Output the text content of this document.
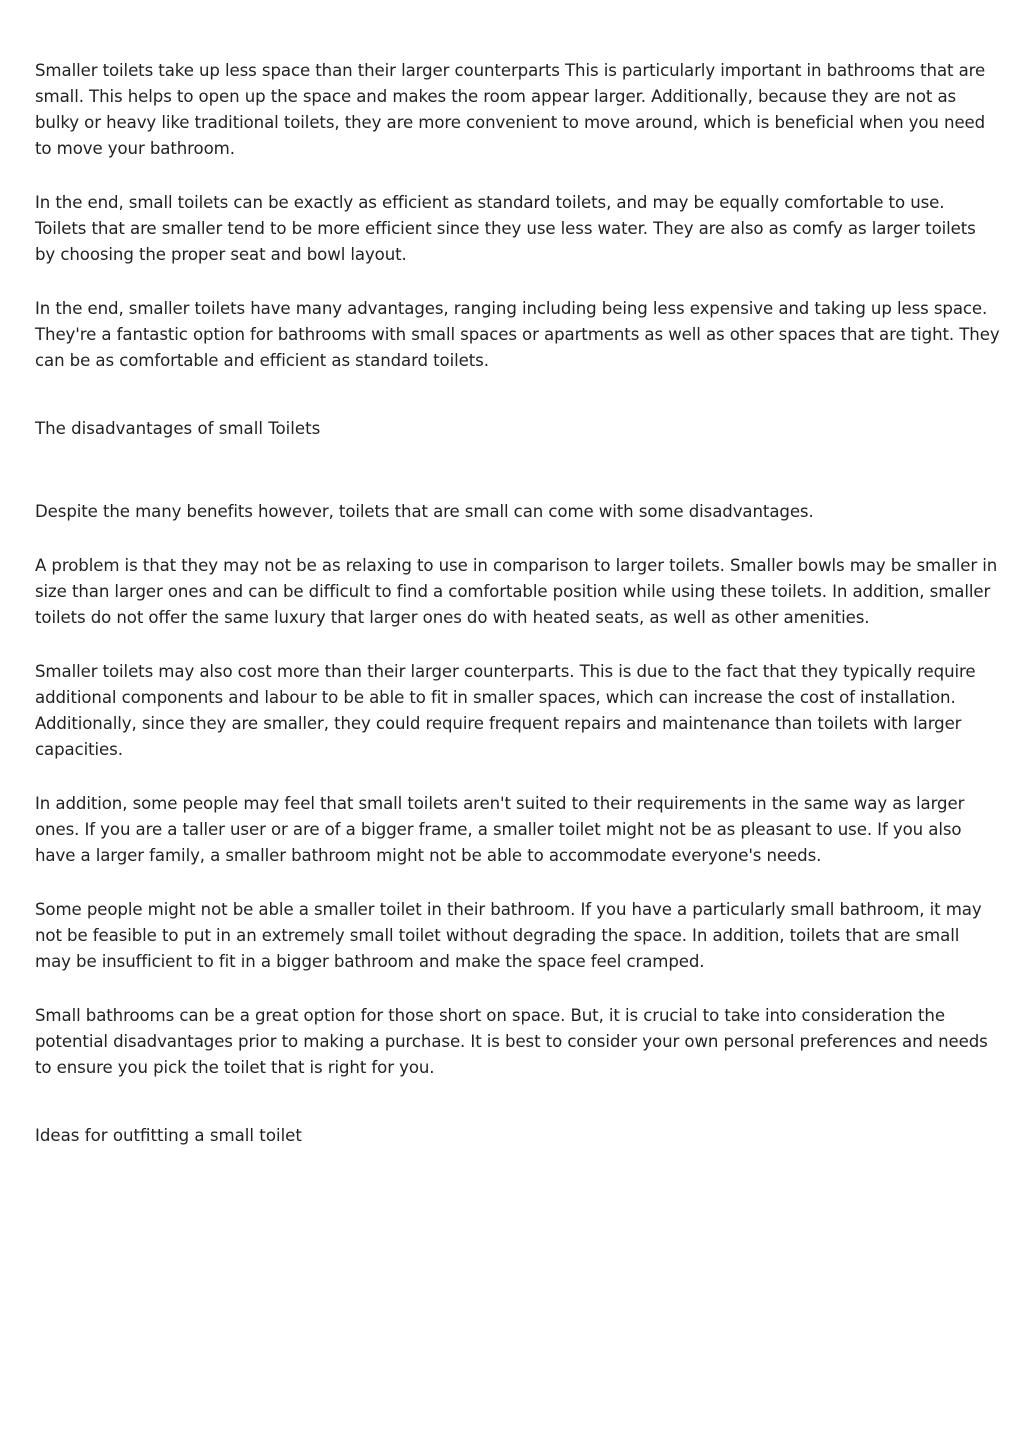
Smaller toilets take up less space than their larger counterparts This is particularly important in bathrooms that are small. This helps to open up the space and makes the room appear larger. Additionally, because they are not as bulky or heavy like traditional toilets, they are more convenient to move around, which is beneficial when you need to move your bathroom.

In the end, small toilets can be exactly as efficient as standard toilets, and may be equally comfortable to use. Toilets that are smaller tend to be more efficient since they use less water. They are also as comfy as larger toilets by choosing the proper seat and bowl layout.

In the end, smaller toilets have many advantages, ranging including being less expensive and taking up less space. They're a fantastic option for bathrooms with small spaces or apartments as well as other spaces that are tight. They can be as comfortable and efficient as standard toilets.

The disadvantages of small Toilets

Despite the many benefits however, toilets that are small can come with some disadvantages.

A problem is that they may not be as relaxing to use in comparison to larger toilets. Smaller bowls may be smaller in size than larger ones and can be difficult to find a comfortable position while using these toilets. In addition, smaller toilets do not offer the same luxury that larger ones do with heated seats, as well as other amenities.

Smaller toilets may also cost more than their larger counterparts. This is due to the fact that they typically require additional components and labour to be able to fit in smaller spaces, which can increase the cost of installation. Additionally, since they are smaller, they could require frequent repairs and maintenance than toilets with larger capacities.

In addition, some people may feel that small toilets aren't suited to their requirements in the same way as larger ones. If you are a taller user or are of a bigger frame, a smaller toilet might not be as pleasant to use. If you also have a larger family, a smaller bathroom might not be able to accommodate everyone's needs.

Some people might not be able a smaller toilet in their bathroom. If you have a particularly small bathroom, it may not be feasible to put in an extremely small toilet without degrading the space. In addition, toilets that are small may be insufficient to fit in a bigger bathroom and make the space feel cramped.

Small bathrooms can be a great option for those short on space. But, it is crucial to take into consideration the potential disadvantages prior to making a purchase. It is best to consider your own personal preferences and needs to ensure you pick the toilet that is right for you.

Ideas for outfitting a small toilet
